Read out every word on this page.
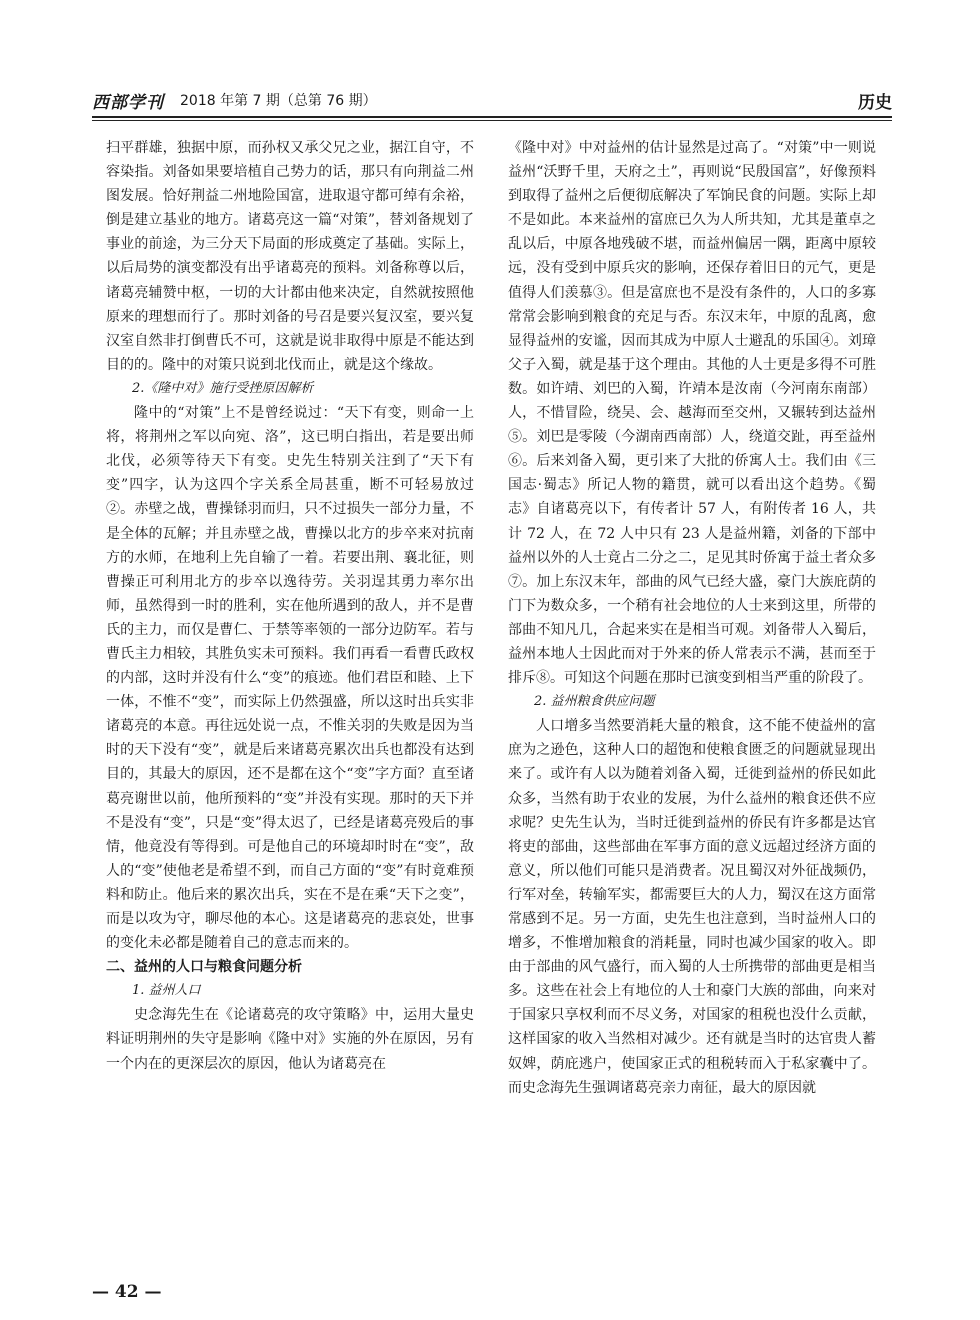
西部学刊 2018 年第 7 期（总第 76 期）	历史

扫平群雄，独据中原，而孙权又承父兄之业，据江自守，不容染指。刘备如果要培植自己势力的话，那只有向荆益二州图发展。恰好荆益二州地险国富，进取退守都可绰有余裕，倒是建立基业的地方。诸葛亮这一篇“对策”，替刘备规划了事业的前途，为三分天下局面的形成奠定了基础。实际上，以后局势的演变都没有出乎诸葛亮的预料。刘备称尊以后，诸葛亮辅赞中枢，一切的大计都由他来决定，自然就按照他原来的理想而行了。那时刘备的号召是要兴复汉室，要兴复汉室自然非打倒曹氏不可，这就是说非取得中原是不能达到目的的。隆中的对策只说到北伐而止，就是这个缘故。

2.《隆中对》施行受挫原因解析

隆中的“对策”上不是曾经说过：“天下有变，则命一上将，将荆州之军以向宛、洛”，这已明白指出，若是要出师北伐，必须等待天下有变。史先生特别关注到了“天下有变”四字，认为这四个字关系全局甚重，断不可轻易放过②。赤壁之战，曹操铩羽而归，只不过损失一部分力量，不是全体的瓦解；并且赤壁之战，曹操以北方的步卒来对抗南方的水师，在地利上先自输了一着。若要出荆、襄北征，则曹操正可利用北方的步卒以逸待劳。关羽逞其勇力率尔出师，虽然得到一时的胜利，实在他所遇到的敌人，并不是曹氏的主力，而仅是曹仁、于禁等率领的一部分边防军。若与曹氏主力相较，其胜负实未可预料。我们再看一看曹氏政权的内部，这时并没有什么“变”的痕迹。他们君臣和睦、上下一体，不惟不“变”，而实际上仍然强盛，所以这时出兵实非诸葛亮的本意。再往远处说一点，不惟关羽的失败是因为当时的天下没有“变”，就是后来诸葛亮累次出兵也都没有达到目的，其最大的原因，还不是都在这个“变”字方面？直至诸葛亮谢世以前，他所预料的“变”并没有实现。那时的天下并不是没有“变”，只是“变”得太迟了，已经是诸葛亮殁后的事情，他竟没有等得到。可是他自己的环境却时时在“变”，敌人的“变”使他老是希望不到，而自己方面的“变”有时竟难预料和防止。他后来的累次出兵，实在不是在乘“天下之变”，而是以攻为守，聊尽他的本心。这是诸葛亮的悲哀处，世事的变化未必都是随着自己的意志而来的。

二、益州的人口与粮食问题分析
1. 益州人口

史念海先生在《论诸葛亮的攻守策略》中，运用大量史料证明荆州的失守是影响《隆中对》实施的外在原因，另有一个内在的更深层次的原因，他认为诸葛亮在

《隆中对》中对益州的估计显然是过高了。“对策”中一则说益州“沃野千里，天府之土”，再则说“民殷国富”，好像预料到取得了益州之后便彻底解决了军饷民食的问题。实际上却不是如此。本来益州的富庶已久为人所共知，尤其是董卓之乱以后，中原各地残破不堪，而益州偏居一隅，距离中原较远，没有受到中原兵灾的影响，还保存着旧日的元气，更是值得人们羡慕③。但是富庶也不是没有条件的，人口的多寡常常会影响到粮食的充足与否。东汉末年，中原的乱离，愈显得益州的安谧，因而其成为中原人士避乱的乐国④。刘璋父子入蜀，就是基于这个理由。其他的人士更是多得不可胜数。如许靖、刘巴的入蜀，许靖本是汝南（今河南东南部）人，不惜冒险，绕吴、会、越海而至交州，又辗转到达益州⑤。刘巴是零陵（今湖南西南部）人，绕道交趾，再至益州⑥。后来刘备入蜀，更引来了大批的侨寓人士。我们由《三国志·蜀志》所记人物的籍贯，就可以看出这个趋势。《蜀志》自诸葛亮以下，有传者计 57 人，有附传者 16 人，共计 72 人，在 72 人中只有 23 人是益州籍，刘备的下部中益州以外的人士竟占二分之二，足见其时侨寓于益土者众多⑦。加上东汉末年，部曲的风气已经大盛，豪门大族庇荫的门下为数众多，一个稍有社会地位的人士来到这里，所带的部曲不知凡几，合起来实在是相当可观。刘备带人入蜀后，益州本地人士因此而对于外来的侨人常表示不满，甚而至于排斥⑧。可知这个问题在那时已演变到相当严重的阶段了。

2. 益州粮食供应问题

人口增多当然要消耗大量的粮食，这不能不使益州的富庶为之逊色，这种人口的超饱和使粮食匮乏的问题就显现出来了。或许有人以为随着刘备入蜀，迁徙到益州的侨民如此众多，当然有助于农业的发展，为什么益州的粮食还供不应求呢？史先生认为，当时迁徙到益州的侨民有许多都是达官将吏的部曲，这些部曲在军事方面的意义远超过经济方面的意义，所以他们可能只是消费者。况且蜀汉对外征战频仍，行军对垒，转输军实，都需要巨大的人力，蜀汉在这方面常常感到不足。另一方面，史先生也注意到，当时益州人口的增多，不惟增加粮食的消耗量，同时也减少国家的收入。即由于部曲的风气盛行，而入蜀的人士所携带的部曲更是相当多。这些在社会上有地位的人士和豪门大族的部曲，向来对于国家只享权利而不尽义务，对国家的租税也没什么贡献，这样国家的收入当然相对减少。还有就是当时的达官贵人蓄奴婢，荫庇逃户，使国家正式的租税转而入于私家囊中了。而史念海先生强调诸葛亮亲力南征，最大的原因就

— 42 —
